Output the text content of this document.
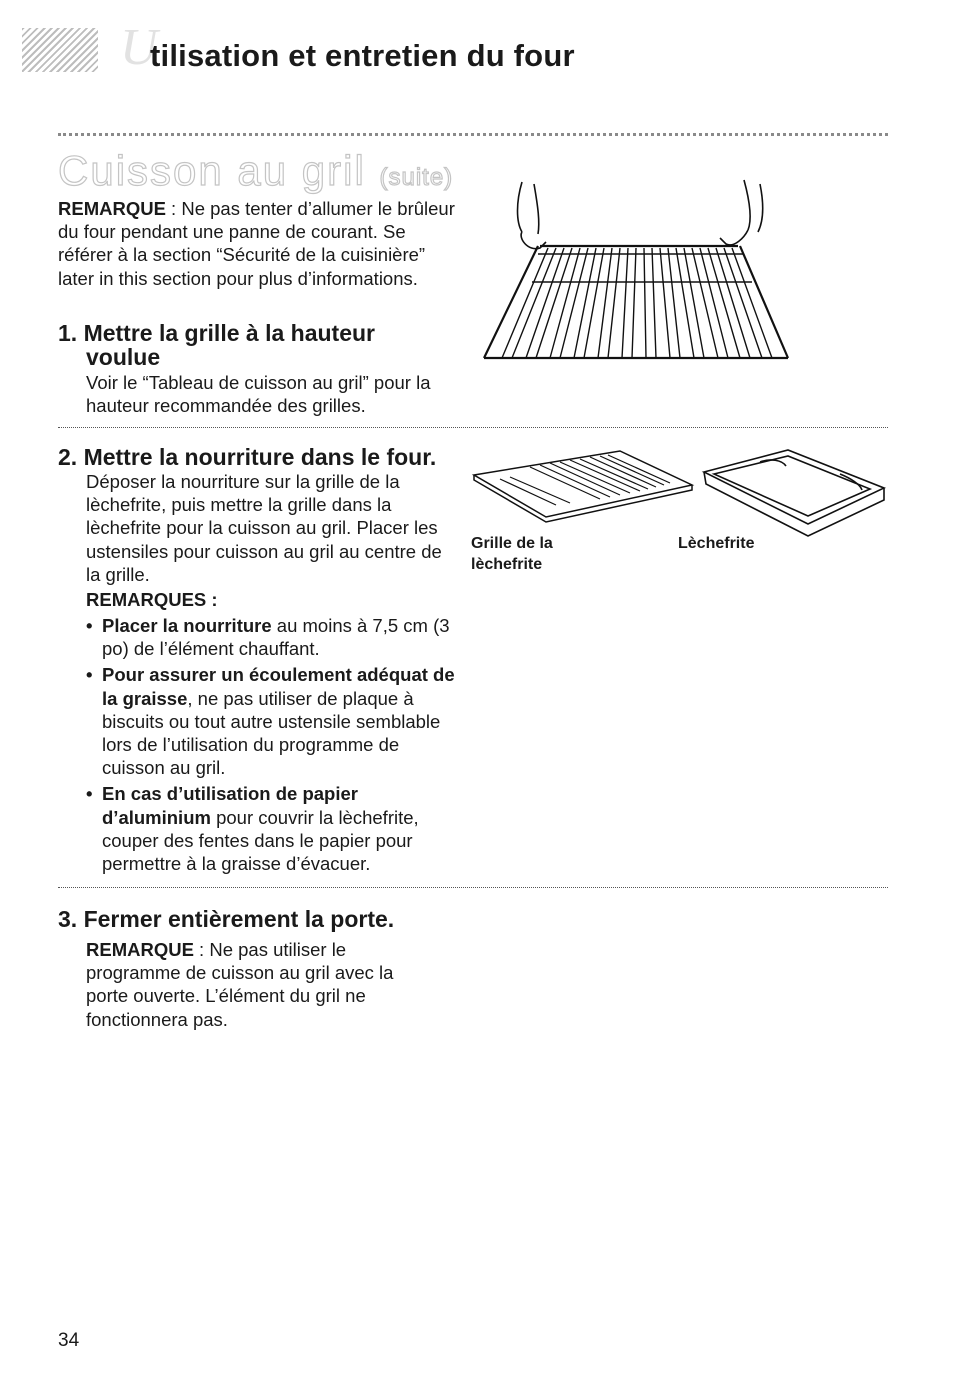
U
tilisation et entretien du four
Cuisson au gril (suite)
REMARQUE : Ne pas tenter d’allumer le brûleur du four pendant une panne de courant. Se référer à la section “Sécurité de la cuisinière” later in this section pour plus d’informations.
1. Mettre la grille à la hauteur
voulue
Voir le “Tableau de cuisson au gril” pour la hauteur recommandée des grilles.
2. Mettre la nourriture dans le four.
Déposer la nourriture sur la grille de la lèchefrite, puis mettre la grille dans la lèchefrite pour la cuisson au gril. Placer les ustensiles pour cuisson au gril au centre de la grille.
REMARQUES :
• Placer la nourriture au moins à 7,5 cm (3 po) de l’élément chauffant.
• Pour assurer un écoulement adéquat de la graisse, ne pas utiliser de plaque à biscuits ou tout autre ustensile semblable lors de l’utilisation du programme de cuisson au gril.
• En cas d’utilisation de papier d’aluminium pour couvrir la lèchefrite, couper des fentes dans le papier pour permettre à la graisse d’évacuer.
Grille de la
lèchefrite
Lèchefrite
3. Fermer entièrement la porte.
REMARQUE : Ne pas utiliser le programme de cuisson au gril avec la porte ouverte. L’élément du gril ne fonctionnera pas.
34
